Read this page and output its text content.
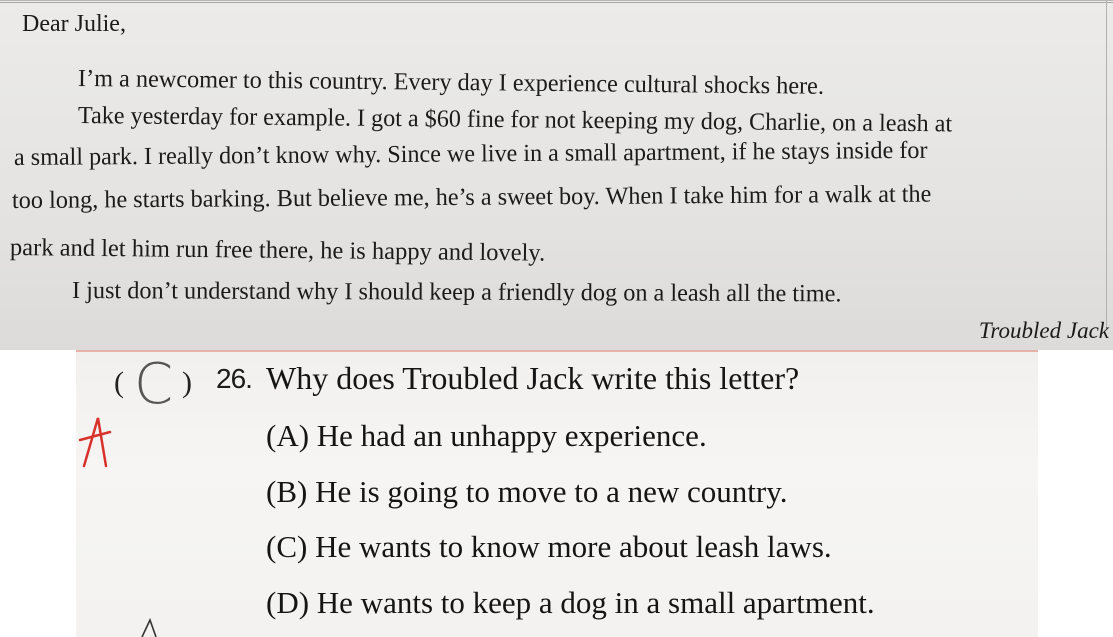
Dear Julie,
I’m a newcomer to this country. Every day I experience cultural shocks here.
Take yesterday for example. I got a $60 fine for not keeping my dog, Charlie, on a leash at
a small park. I really don’t know why. Since we live in a small apartment, if he stays inside for
too long, he starts barking. But believe me, he’s a sweet boy. When I take him for a walk at the
park and let him run free there, he is happy and lovely.
I just don’t understand why I should keep a friendly dog on a leash all the time.
Troubled Jack
( C ) 26. Why does Troubled Jack write this letter?
(A) He had an unhappy experience.
(B) He is going to move to a new country.
(C) He wants to know more about leash laws.
(D) He wants to keep a dog in a small apartment.
